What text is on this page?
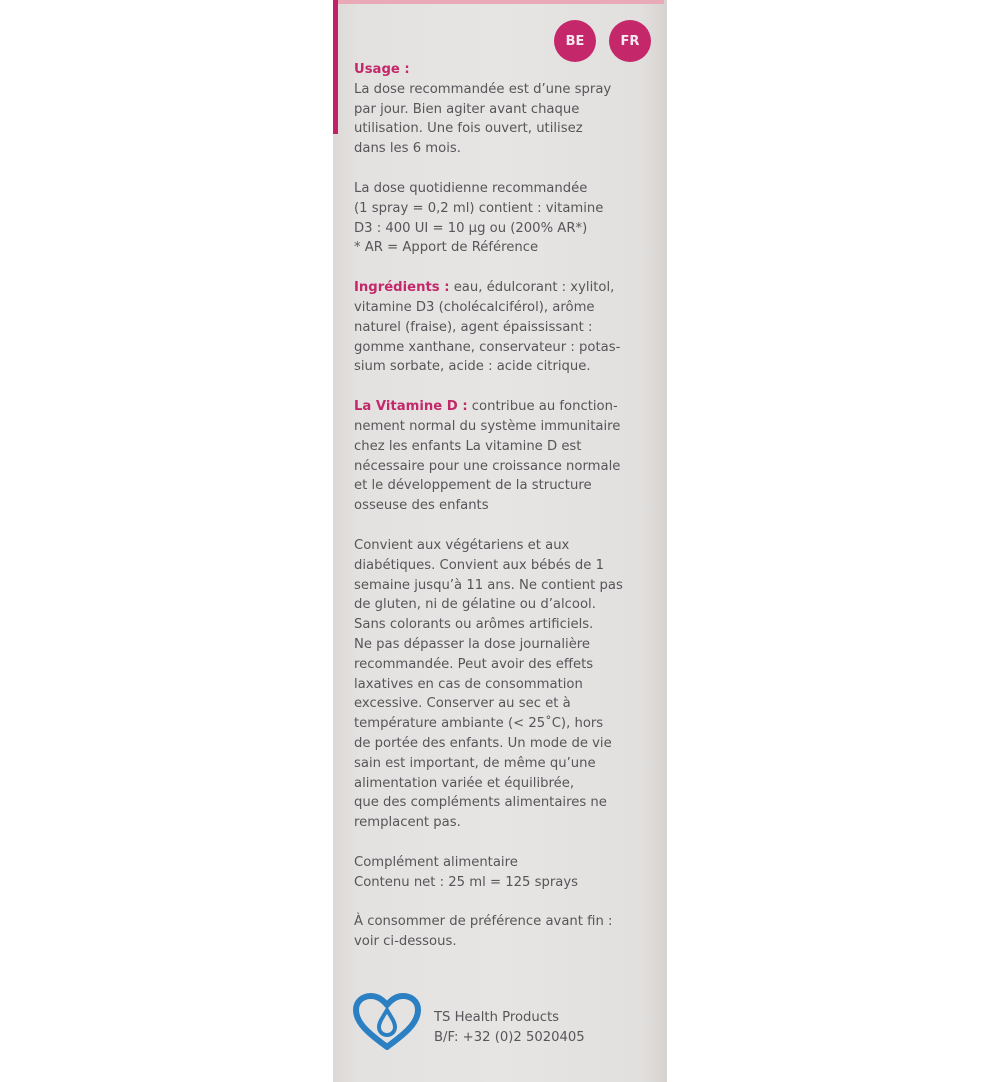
BE	FR

Usage :

La dose recommandée est d’une spray

par jour. Bien agiter avant chaque

utilisation. Une fois ouvert, utilisez

dans les 6 mois.

La dose quotidienne recommandée

(1 spray = 0,2 ml) contient : vitamine

D3 : 400 UI = 10 µg ou (200% AR*)

* AR = Apport de Référence

Ingrédients : eau, édulcorant : xylitol,

vitamine D3 (cholécalciférol), arôme

naturel (fraise), agent épaississant :

gomme xanthane, conservateur : potas-

sium sorbate, acide : acide citrique.

La Vitamine D : contribue au fonction-

nement normal du système immunitaire

chez les enfants La vitamine D est

nécessaire pour une croissance normale

et le développement de la structure

osseuse des enfants

Convient aux végétariens et aux

diabétiques. Convient aux bébés de 1

semaine jusqu’à 11 ans. Ne contient pas

de gluten, ni de gélatine ou d’alcool.

Sans colorants ou arômes artificiels.

Ne pas dépasser la dose journalière

recommandée. Peut avoir des effets

laxatives en cas de consommation

excessive. Conserver au sec et à

température ambiante (< 25˚C), hors

de portée des enfants. Un mode de vie

sain est important, de même qu’une

alimentation variée et équilibrée,

que des compléments alimentaires ne

remplacent pas.

Complément alimentaire

Contenu net : 25 ml = 125 sprays

À consommer de préférence avant fin :

voir ci-dessous.

TS Health Products
B/F: +32 (0)2 5020405
